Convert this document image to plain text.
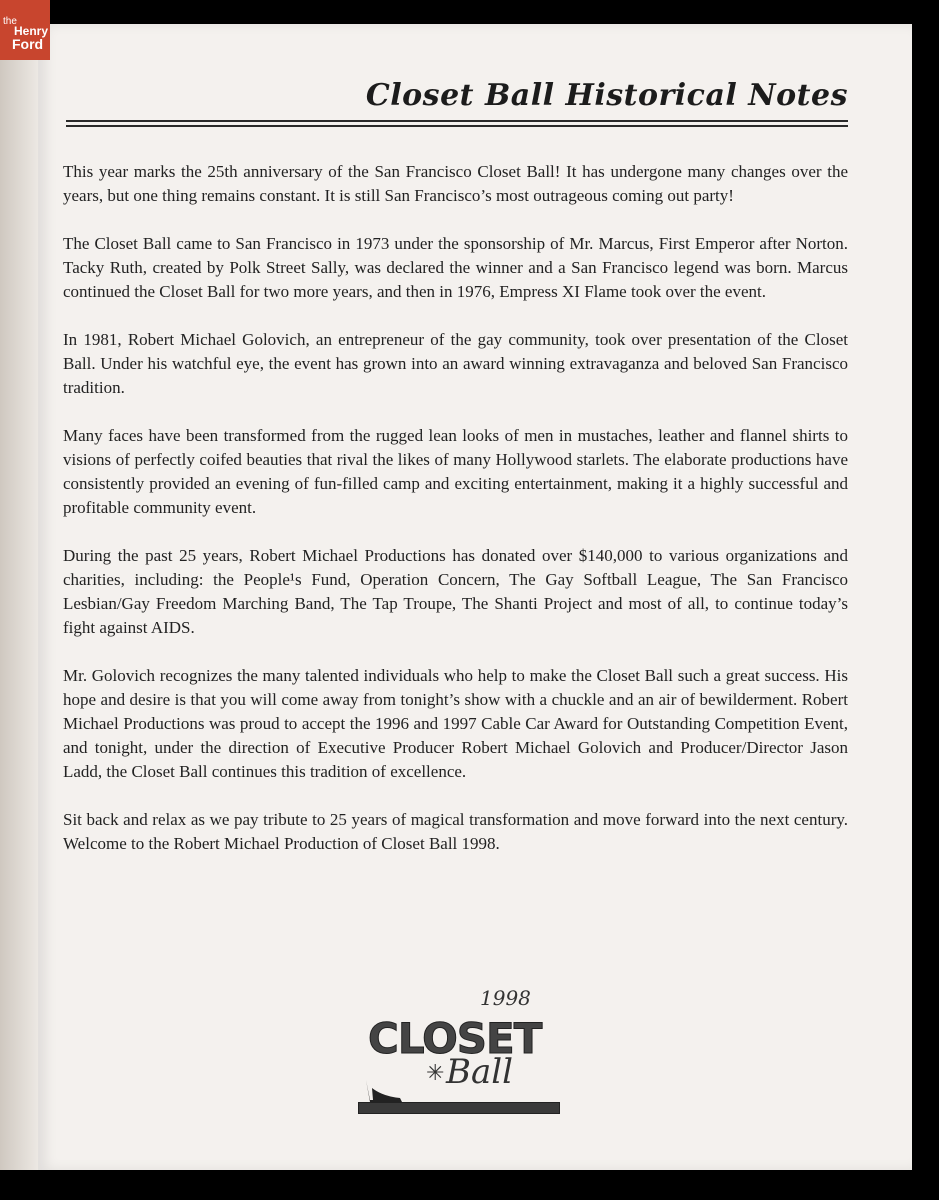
Closet Ball Historical Notes

This year marks the 25th anniversary of the San Francisco Closet Ball! It has undergone many changes over the years, but one thing remains constant. It is still San Francisco’s most outrageous coming out party!

The Closet Ball came to San Francisco in 1973 under the sponsorship of Mr. Marcus, First Emperor after Norton. Tacky Ruth, created by Polk Street Sally, was declared the winner and a San Francisco legend was born. Marcus continued the Closet Ball for two more years, and then in 1976, Empress XI Flame took over the event.

In 1981, Robert Michael Golovich, an entrepreneur of the gay community, took over presentation of the Closet Ball. Under his watchful eye, the event has grown into an award winning extravaganza and beloved San Francisco tradition.

Many faces have been transformed from the rugged lean looks of men in mustaches, leather and flannel shirts to visions of perfectly coifed beauties that rival the likes of many Hollywood starlets. The elaborate productions have consistently provided an evening of fun-filled camp and exciting entertainment, making it a highly successful and profitable community event.

During the past 25 years, Robert Michael Productions has donated over $140,000 to various organizations and charities, including: the People¹s Fund, Operation Concern, The Gay Softball League, The San Francisco Lesbian/Gay Freedom Marching Band, The Tap Troupe, The Shanti Project and most of all, to continue today’s fight against AIDS.

Mr. Golovich recognizes the many talented individuals who help to make the Closet Ball such a great success. His hope and desire is that you will come away from tonight’s show with a chuckle and an air of bewilderment. Robert Michael Productions was proud to accept the 1996 and 1997 Cable Car Award for Outstanding Competition Event, and tonight, under the direction of Executive Producer Robert Michael Golovich and Producer/Director Jason Ladd, the Closet Ball continues this tradition of excellence.

Sit back and relax as we pay tribute to 25 years of magical transformation and move forward into the next century. Welcome to the Robert Michael Production of Closet Ball 1998.

1998
CLOSET
✳ Ball
the
Henry
Ford
